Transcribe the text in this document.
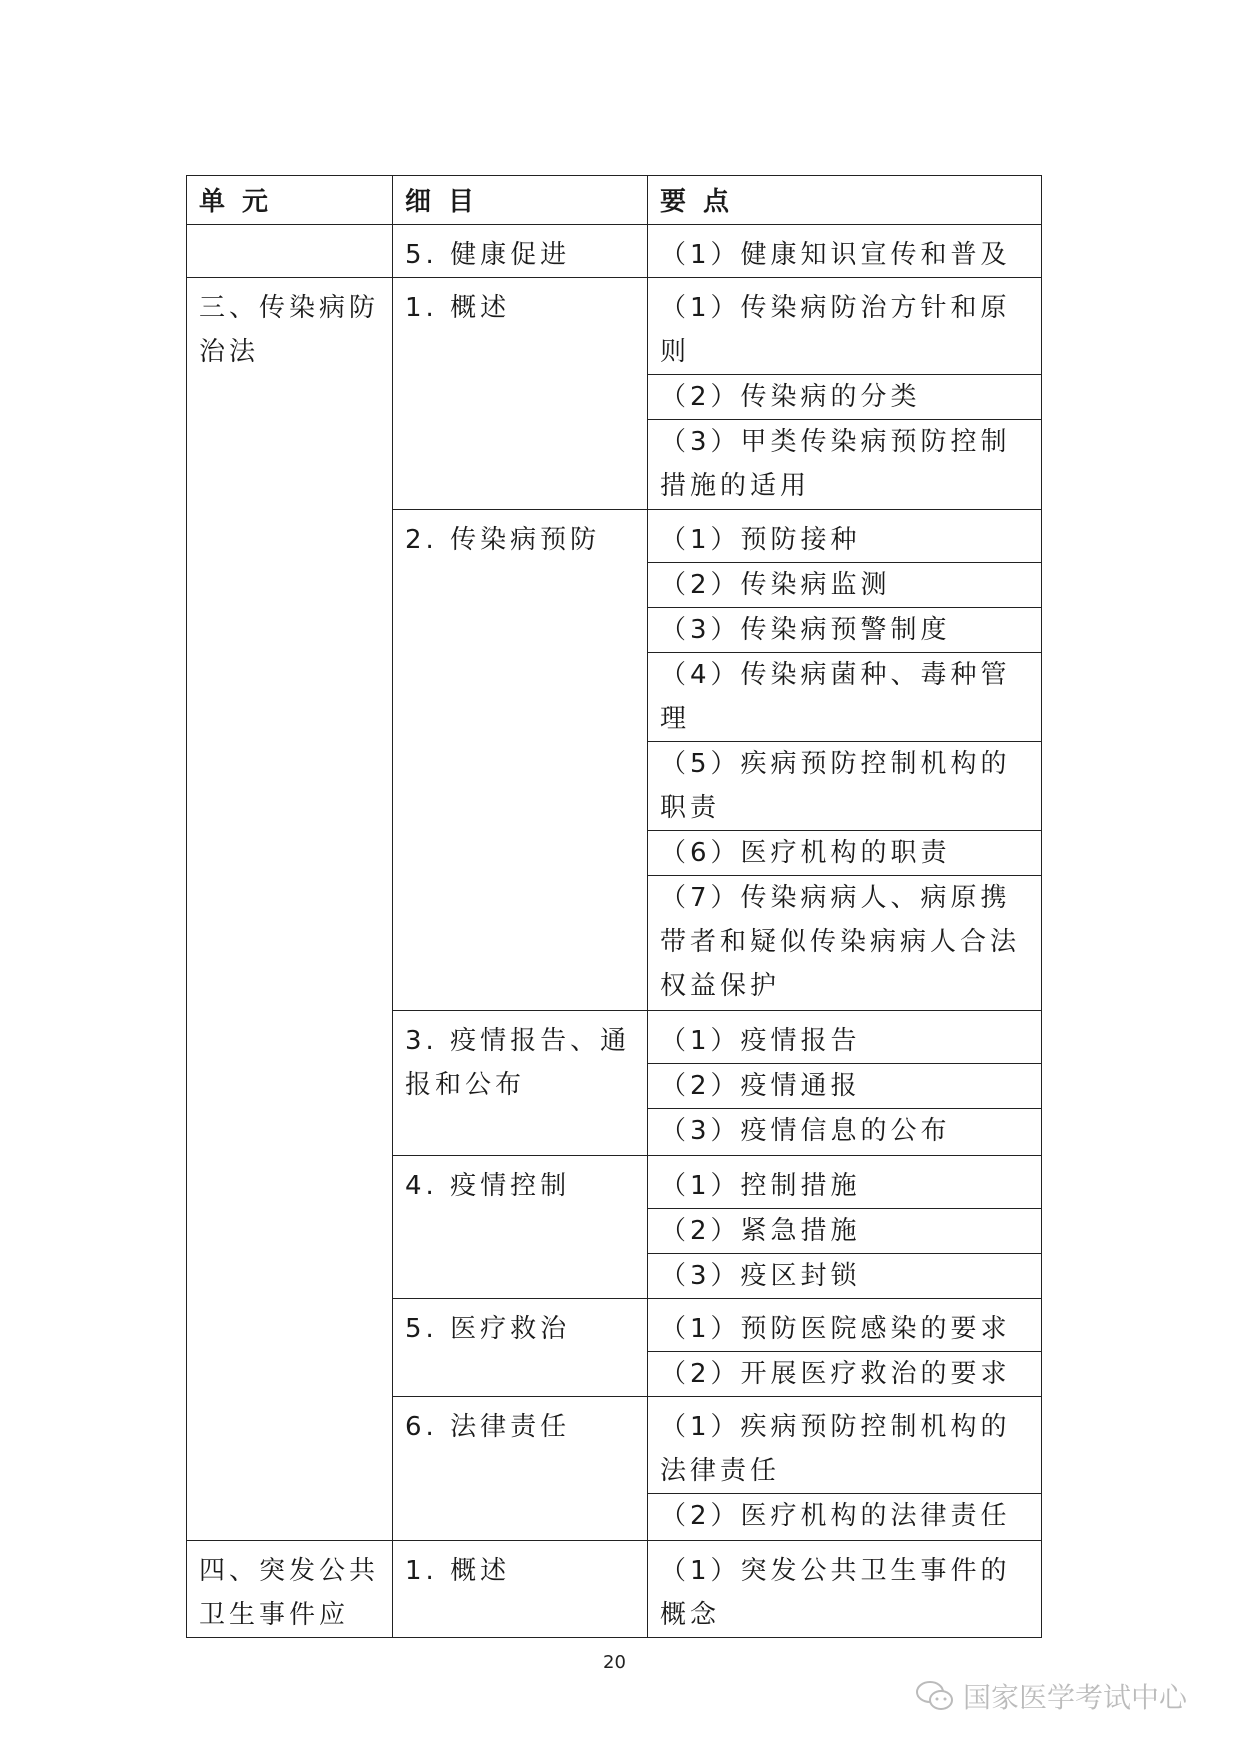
单 元	细 目	要 点
	5. 健康促进	（1）健康知识宣传和普及
三、传染病防治法	1. 概述	（1）传染病防治方针和原则
		（2）传染病的分类
		（3）甲类传染病预防控制措施的适用
	2. 传染病预防	（1）预防接种
		（2）传染病监测
		（3）传染病预警制度
		（4）传染病菌种、毒种管理
		（5）疾病预防控制机构的职责
		（6）医疗机构的职责
		（7）传染病病人、病原携带者和疑似传染病病人合法权益保护
	3. 疫情报告、通报和公布	（1）疫情报告
		（2）疫情通报
		（3）疫情信息的公布
	4. 疫情控制	（1）控制措施
		（2）紧急措施
		（3）疫区封锁
	5. 医疗救治	（1）预防医院感染的要求
		（2）开展医疗救治的要求
	6. 法律责任	（1）疾病预防控制机构的法律责任
		（2）医疗机构的法律责任
四、突发公共卫生事件应	1. 概述	（1）突发公共卫生事件的概念
20
国家医学考试中心
